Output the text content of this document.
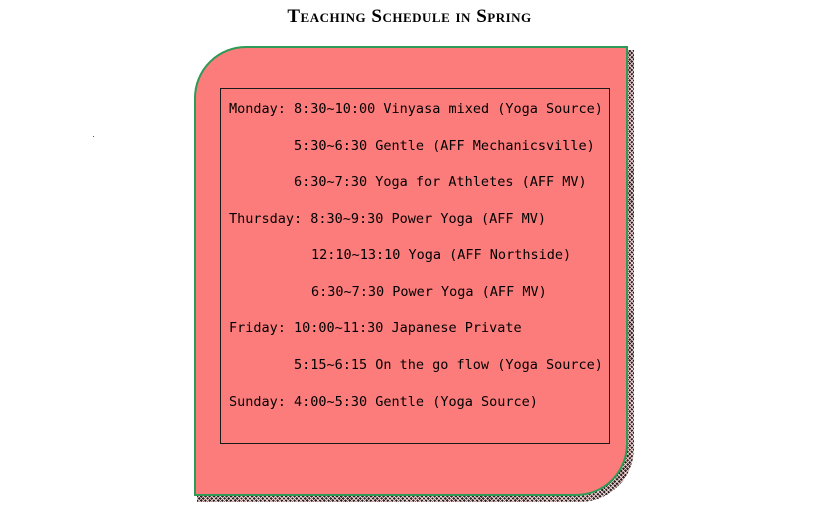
Teaching Schedule in Spring
Monday: 8:30~10:00 Vinyasa mixed (Yoga Source)
5:30~6:30 Gentle (AFF Mechanicsville)
6:30~7:30 Yoga for Athletes (AFF MV)
Thursday: 8:30~9:30 Power Yoga (AFF MV)
12:10~13:10 Yoga (AFF Northside)
6:30~7:30 Power Yoga (AFF MV)
Friday: 10:00~11:30 Japanese Private
5:15~6:15 On the go flow (Yoga Source)
Sunday: 4:00~5:30 Gentle (Yoga Source)
